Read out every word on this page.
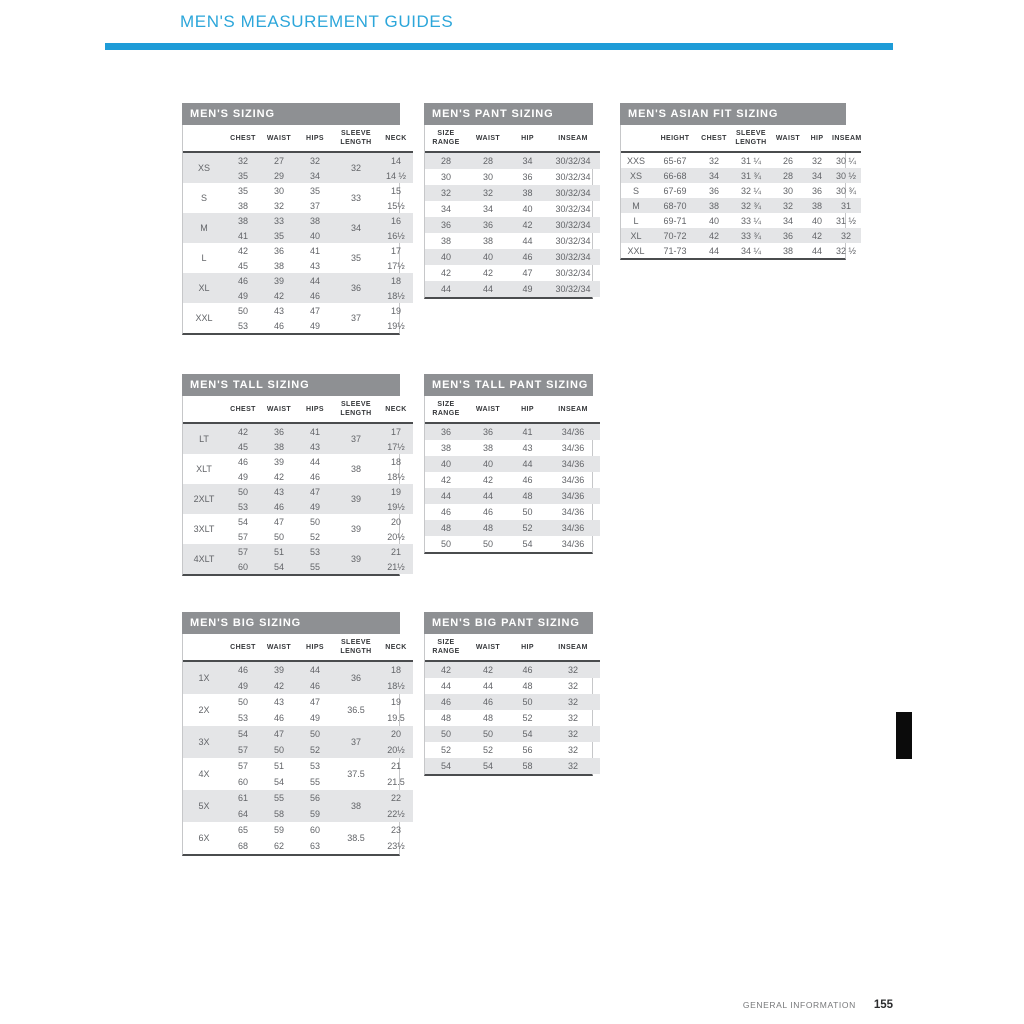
MEN'S MEASUREMENT GUIDES
MEN'S SIZING
	CHEST	WAIST	HIPS	SLEEVE LENGTH	NECK
XS	32	27	32	32	14
	35	29	34		14 ½
S	35	30	35	33	15
	38	32	37		15½
M	38	33	38	34	16
	41	35	40		16½
L	42	36	41	35	17
	45	38	43		17½
XL	46	39	44	36	18
	49	42	46		18½
XXL	50	43	47	37	19
	53	46	49		19½
MEN'S PANT SIZING
SIZE RANGE	WAIST	HIP	INSEAM
28	28	34	30/32/34
30	30	36	30/32/34
32	32	38	30/32/34
34	34	40	30/32/34
36	36	42	30/32/34
38	38	44	30/32/34
40	40	46	30/32/34
42	42	47	30/32/34
44	44	49	30/32/34
MEN'S ASIAN FIT SIZING
	HEIGHT	CHEST	SLEEVE LENGTH	WAIST	HIP	INSEAM
XXS	65-67	32	31 ¼	26	32	30 ¼
XS	66-68	34	31 ¾	28	34	30 ½
S	67-69	36	32 ¼	30	36	30 ¾
M	68-70	38	32 ¾	32	38	31
L	69-71	40	33 ¼	34	40	31 ½
XL	70-72	42	33 ¾	36	42	32
XXL	71-73	44	34 ¼	38	44	32 ½
MEN'S TALL SIZING
	CHEST	WAIST	HIPS	SLEEVE LENGTH	NECK
LT	42	36	41	37	17
	45	38	43		17½
XLT	46	39	44	38	18
	49	42	46		18½
2XLT	50	43	47	39	19
	53	46	49		19½
3XLT	54	47	50	39	20
	57	50	52		20½
4XLT	57	51	53	39	21
	60	54	55		21½
MEN'S TALL PANT SIZING
SIZE RANGE	WAIST	HIP	INSEAM
36	36	41	34/36
38	38	43	34/36
40	40	44	34/36
42	42	46	34/36
44	44	48	34/36
46	46	50	34/36
48	48	52	34/36
50	50	54	34/36
MEN'S BIG SIZING
	CHEST	WAIST	HIPS	SLEEVE LENGTH	NECK
1X	46	39	44	36	18
	49	42	46		18½
2X	50	43	47	36.5	19
	53	46	49		19.5
3X	54	47	50	37	20
	57	50	52		20½
4X	57	51	53	37.5	21
	60	54	55		21.5
5X	61	55	56	38	22
	64	58	59		22½
6X	65	59	60	38.5	23
	68	62	63		23½
MEN'S BIG PANT SIZING
SIZE RANGE	WAIST	HIP	INSEAM
42	42	46	32
44	44	48	32
46	46	50	32
48	48	52	32
50	50	54	32
52	52	56	32
54	54	58	32
GENERAL INFORMATION 155
